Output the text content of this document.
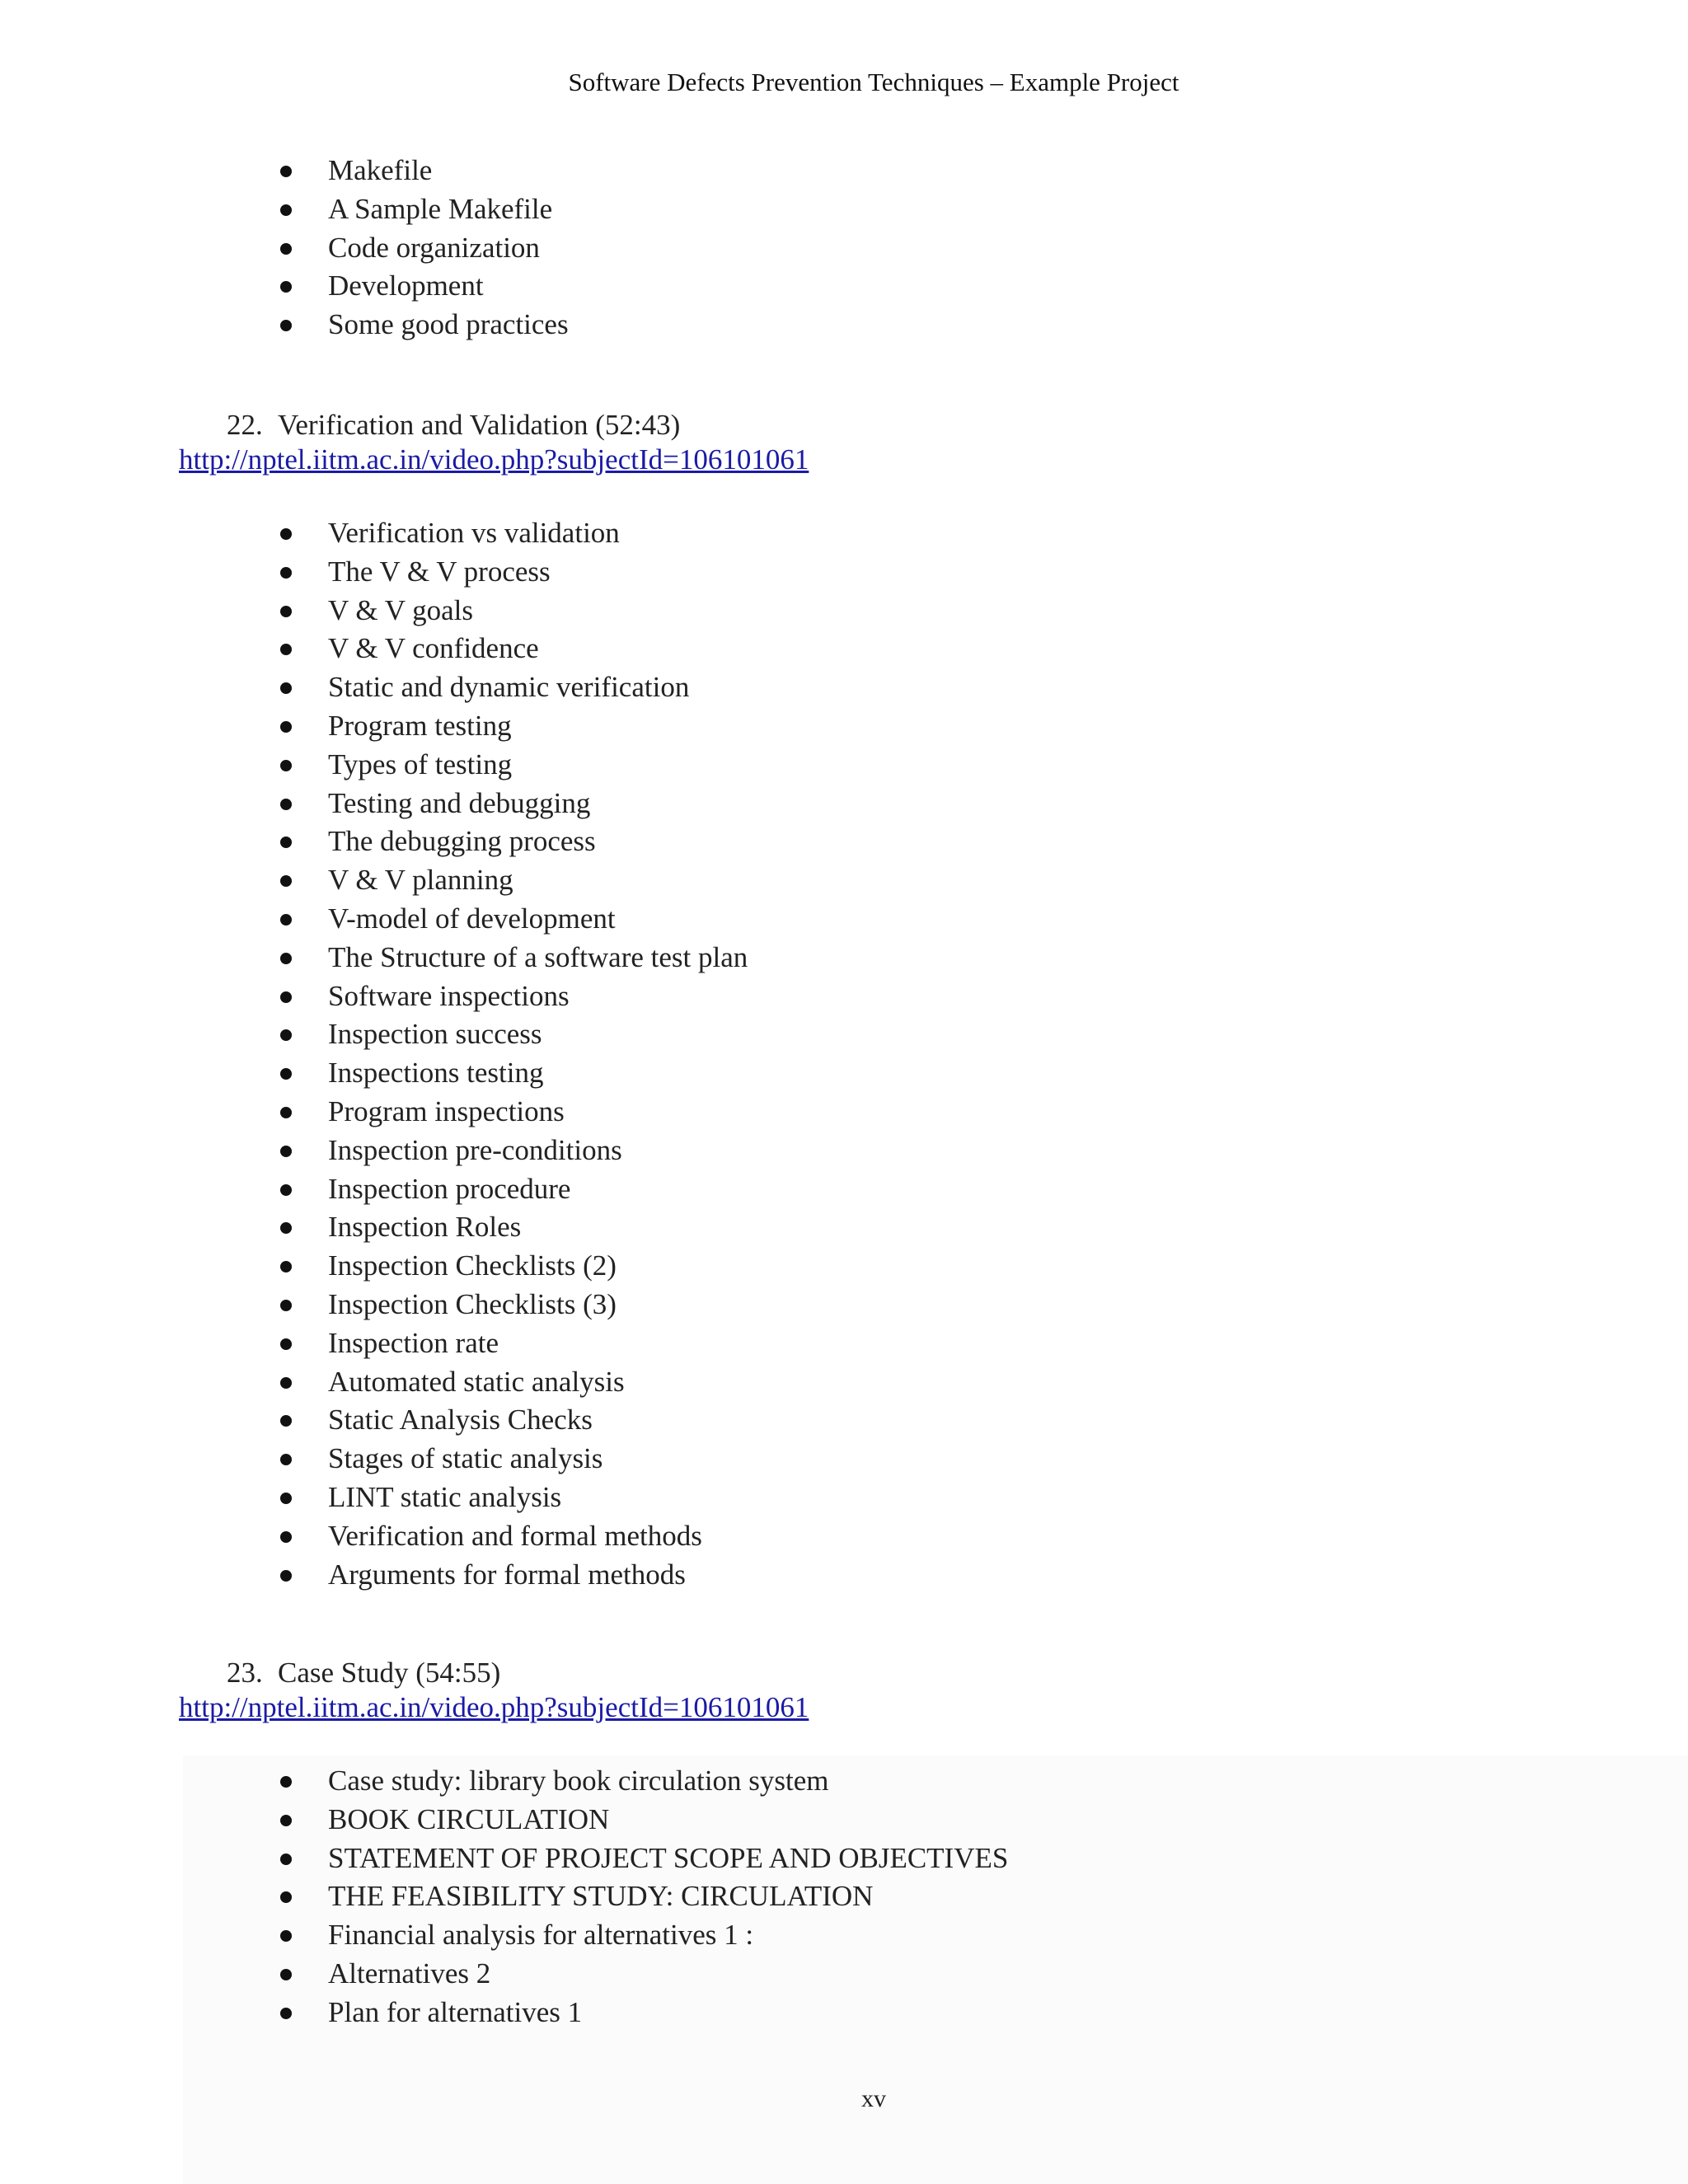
Software Defects Prevention Techniques – Example Project
Makefile
A Sample Makefile
Code organization
Development
Some good practices
22. Verification and Validation (52:43)
http://nptel.iitm.ac.in/video.php?subjectId=106101061
Verification vs validation
The V & V process
V & V goals
V & V confidence
Static and dynamic verification
Program testing
Types of testing
Testing and debugging
The debugging process
V & V planning
V-model of development
The Structure of a software test plan
Software inspections
Inspection success
Inspections testing
Program inspections
Inspection pre-conditions
Inspection procedure
Inspection Roles
Inspection Checklists (2)
Inspection Checklists (3)
Inspection rate
Automated static analysis
Static Analysis Checks
Stages of static analysis
LINT static analysis
Verification and formal methods
Arguments for formal methods
23. Case Study (54:55)
http://nptel.iitm.ac.in/video.php?subjectId=106101061
Case study: library book circulation system
BOOK CIRCULATION
STATEMENT OF PROJECT SCOPE AND OBJECTIVES
THE FEASIBILITY STUDY: CIRCULATION
Financial analysis for alternatives 1 :
Alternatives 2
Plan for alternatives 1
xv
